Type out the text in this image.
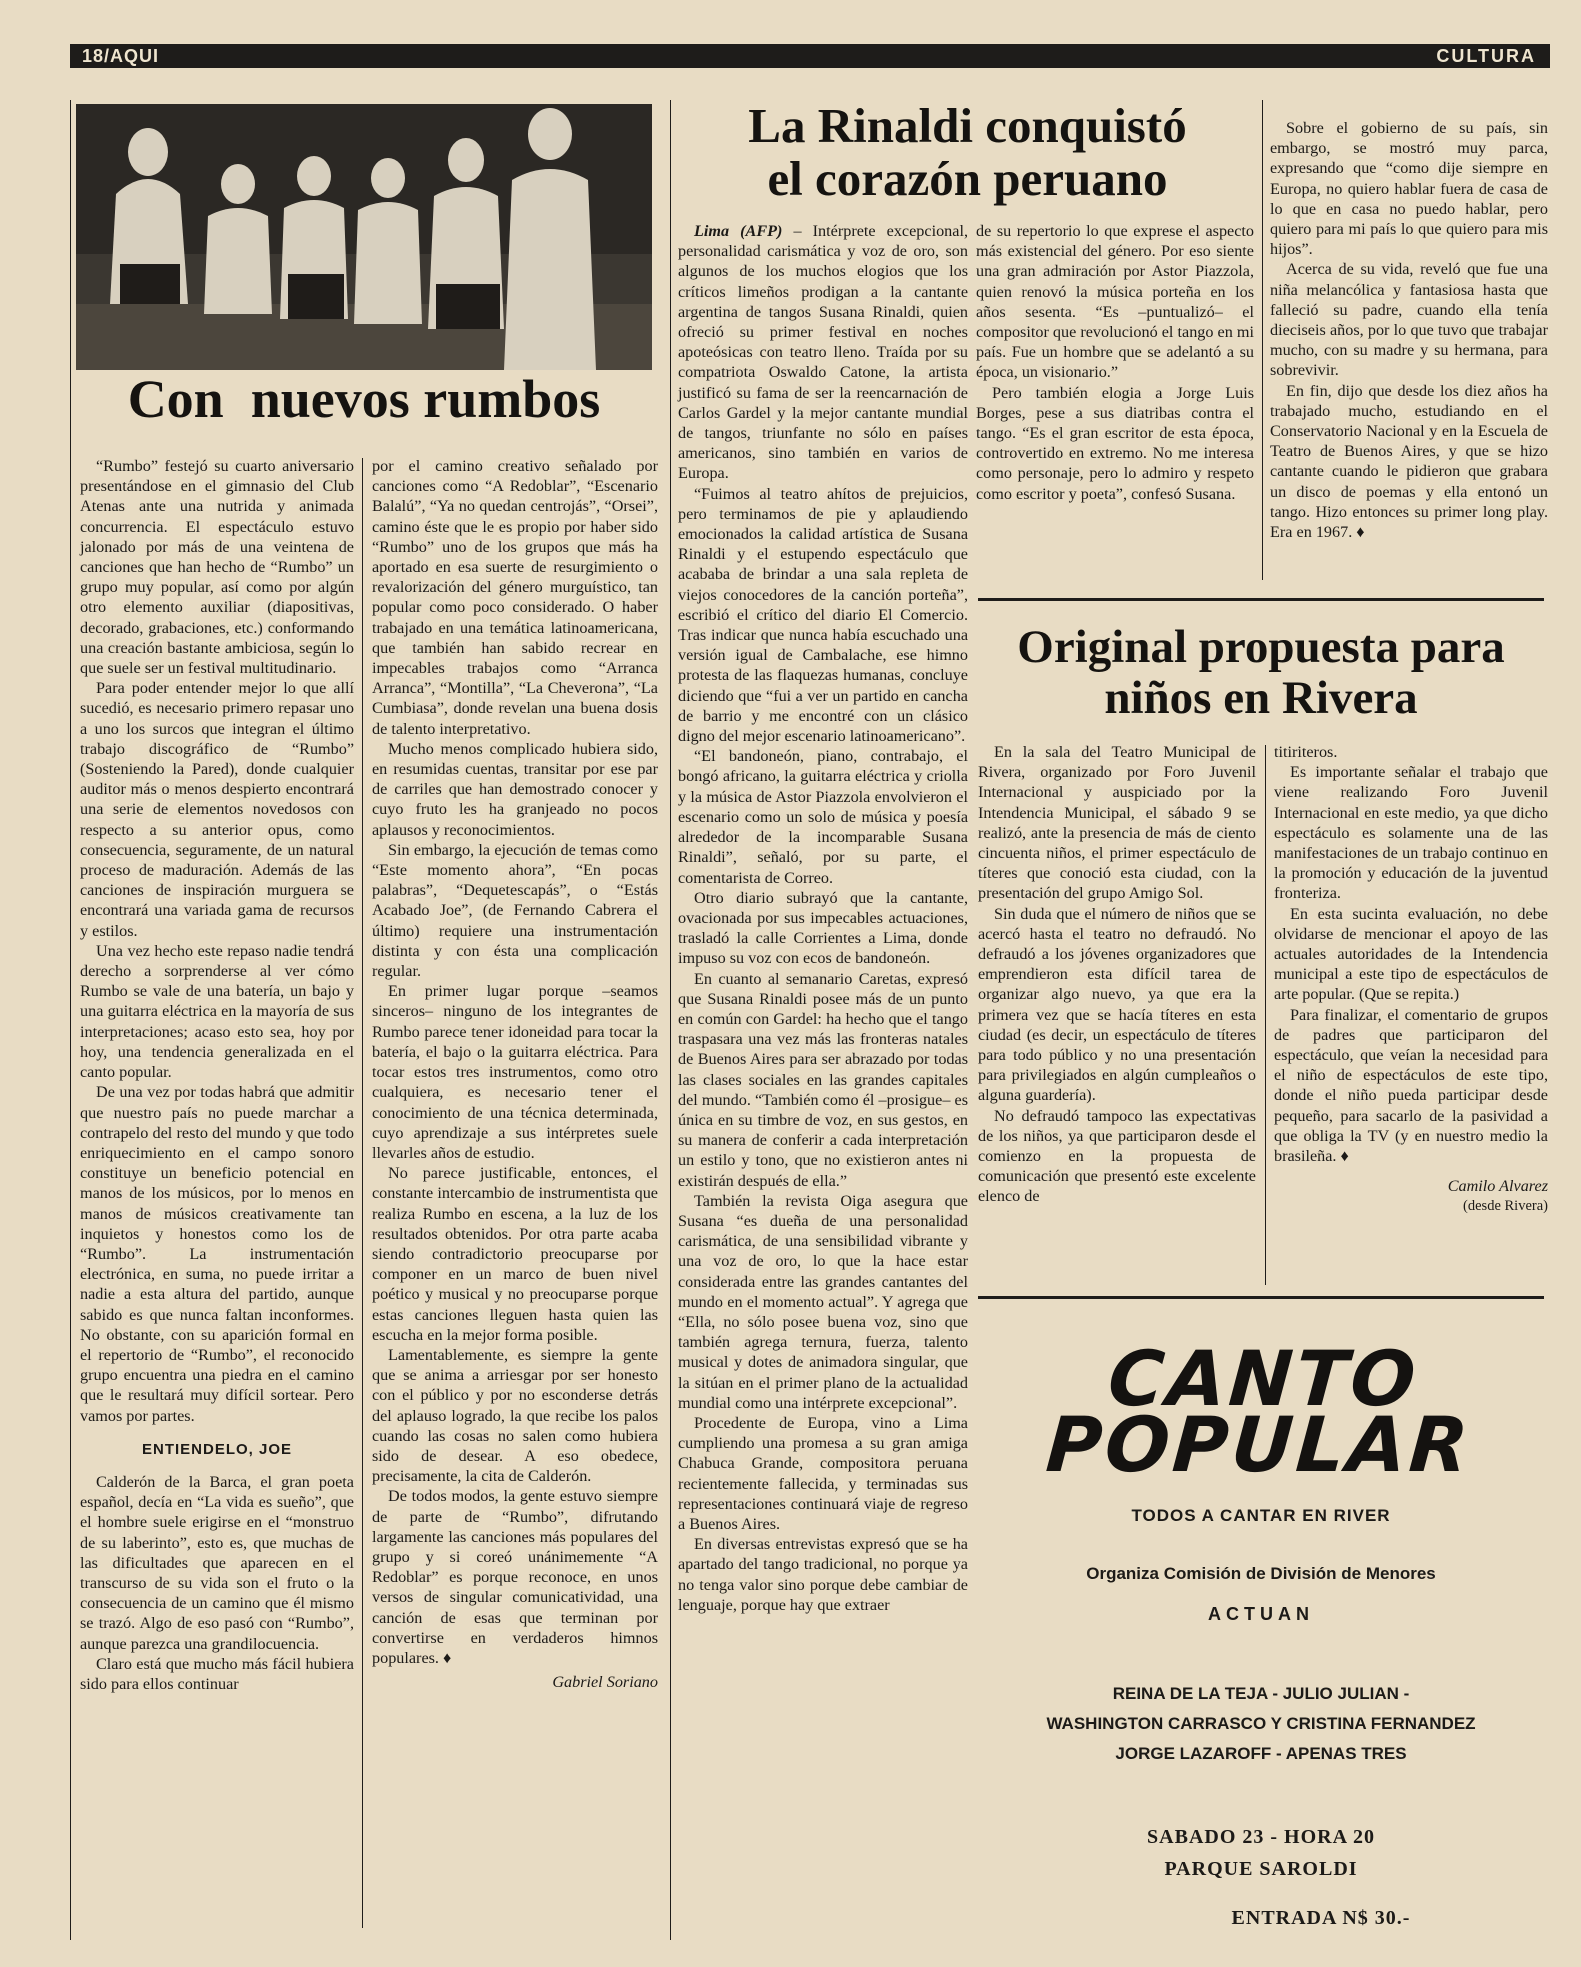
18/AQUI	CULTURA
Con  nuevos rumbos

“Rumbo” festejó su cuarto aniversario presentándose en el gimnasio del Club Atenas ante una nutrida y animada concurrencia. El espectáculo estuvo jalonado por más de una veintena de canciones que han hecho de “Rumbo” un grupo muy popular, así como por algún otro elemento auxiliar (diapositivas, decorado, grabaciones, etc.) conformando una creación bastante ambiciosa, según lo que suele ser un festival multitudinario.

Para poder entender mejor lo que allí sucedió, es necesario primero repasar uno a uno los surcos que integran el último trabajo discográfico de “Rumbo” (Sosteniendo la Pared), donde cualquier auditor más o menos despierto encontrará una serie de elementos novedosos con respecto a su anterior opus, como consecuencia, seguramente, de un natural proceso de maduración. Además de las canciones de inspiración murguera se encontrará una variada gama de recursos y estilos.

Una vez hecho este repaso nadie tendrá derecho a sorprenderse al ver cómo Rumbo se vale de una batería, un bajo y una guitarra eléctrica en la mayoría de sus interpretaciones; acaso esto sea, hoy por hoy, una tendencia generalizada en el canto popular.

De una vez por todas habrá que admitir que nuestro país no puede marchar a contrapelo del resto del mundo y que todo enriquecimiento en el campo sonoro constituye un beneficio potencial en manos de los músicos, por lo menos en manos de músicos creativamente tan inquietos y honestos como los de “Rumbo”. La instrumentación electrónica, en suma, no puede irritar a nadie a esta altura del partido, aunque sabido es que nunca faltan inconformes. No obstante, con su aparición formal en el repertorio de “Rumbo”, el reconocido grupo encuentra una piedra en el camino que le resultará muy difícil sortear. Pero vamos por partes.

ENTIENDELO, JOE

Calderón de la Barca, el gran poeta español, decía en “La vida es sueño”, que el hombre suele erigirse en el “monstruo de su laberinto”, esto es, que muchas de las dificultades que aparecen en el transcurso de su vida son el fruto o la consecuencia de un camino que él mismo se trazó. Algo de eso pasó con “Rumbo”, aunque parezca una grandilocuencia.

Claro está que mucho más fácil hubiera sido para ellos continuar

por el camino creativo señalado por canciones como “A Redoblar”, “Escenario Balalú”, “Ya no quedan centrojás”, “Orsei”, camino éste que le es propio por haber sido “Rumbo” uno de los grupos que más ha aportado en esa suerte de resurgimiento o revalorización del género murguístico, tan popular como poco considerado. O haber trabajado en una temática latinoamericana, que también han sabido recrear en impecables trabajos como “Arranca Arranca”, “Montilla”, “La Cheverona”, “La Cumbiasa”, donde revelan una buena dosis de talento interpretativo.

Mucho menos complicado hubiera sido, en resumidas cuentas, transitar por ese par de carriles que han demostrado conocer y cuyo fruto les ha granjeado no pocos aplausos y reconocimientos.

Sin embargo, la ejecución de temas como “Este momento ahora”, “En pocas palabras”, “Dequetescapás”, o “Estás Acabado Joe”, (de Fernando Cabrera el último) requiere una instrumentación distinta y con ésta una complicación regular.

En primer lugar porque –seamos sinceros– ninguno de los integrantes de Rumbo parece tener idoneidad para tocar la batería, el bajo o la guitarra eléctrica. Para tocar estos tres instrumentos, como otro cualquiera, es necesario tener el conocimiento de una técnica determinada, cuyo aprendizaje a sus intérpretes suele llevarles años de estudio.

No parece justificable, entonces, el constante intercambio de instrumentista que realiza Rumbo en escena, a la luz de los resultados obtenidos. Por otra parte acaba siendo contradictorio preocuparse por componer en un marco de buen nivel poético y musical y no preocuparse porque estas canciones lleguen hasta quien las escucha en la mejor forma posible.

Lamentablemente, es siempre la gente que se anima a arriesgar por ser honesto con el público y por no esconderse detrás del aplauso logrado, la que recibe los palos cuando las cosas no salen como hubiera sido de desear. A eso obedece, precisamente, la cita de Calderón.

De todos modos, la gente estuvo siempre de parte de “Rumbo”, difrutando largamente las canciones más populares del grupo y si coreó unánimemente “A Redoblar” es porque reconoce, en unos versos de singular comunicatividad, una canción de esas que terminan por convertirse en verdaderos himnos populares. ♦

Gabriel Soriano

La Rinaldi conquistó
el corazón peruano

Lima (AFP) – Intérprete excepcional, personalidad carismática y voz de oro, son algunos de los muchos elogios que los críticos limeños prodigan a la cantante argentina de tangos Susana Rinaldi, quien ofreció su primer festival en noches apoteósicas con teatro lleno. Traída por su compatriota Oswaldo Catone, la artista justificó su fama de ser la reencarnación de Carlos Gardel y la mejor cantante mundial de tangos, triunfante no sólo en países americanos, sino también en varios de Europa.

“Fuimos al teatro ahítos de prejuicios, pero terminamos de pie y aplaudiendo emocionados la calidad artística de Susana Rinaldi y el estupendo espectáculo que acababa de brindar a una sala repleta de viejos conocedores de la canción porteña”, escribió el crítico del diario El Comercio. Tras indicar que nunca había escuchado una versión igual de Cambalache, ese himno protesta de las flaquezas humanas, concluye diciendo que “fui a ver un partido en cancha de barrio y me encontré con un clásico digno del mejor escenario latinoamericano”.

“El bandoneón, piano, contrabajo, el bongó africano, la guitarra eléctrica y criolla y la música de Astor Piazzola envolvieron el escenario como un solo de música y poesía alrededor de la incomparable Susana Rinaldi”, señaló, por su parte, el comentarista de Correo.

Otro diario subrayó que la cantante, ovacionada por sus impecables actuaciones, trasladó la calle Corrientes a Lima, donde impuso su voz con ecos de bandoneón.

En cuanto al semanario Caretas, expresó que Susana Rinaldi posee más de un punto en común con Gardel: ha hecho que el tango traspasara una vez más las fronteras natales de Buenos Aires para ser abrazado por todas las clases sociales en las grandes capitales del mundo. “También como él –prosigue– es única en su timbre de voz, en sus gestos, en su manera de conferir a cada interpretación un estilo y tono, que no existieron antes ni existirán después de ella.”

También la revista Oiga asegura que Susana “es dueña de una personalidad carismática, de una sensibilidad vibrante y una voz de oro, lo que la hace estar considerada entre las grandes cantantes del mundo en el momento actual”. Y agrega que “Ella, no sólo posee buena voz, sino que también agrega ternura, fuerza, talento musical y dotes de animadora singular, que la sitúan en el primer plano de la actualidad mundial como una intérprete excepcional”.

Procedente de Europa, vino a Lima cumpliendo una promesa a su gran amiga Chabuca Grande, compositora peruana recientemente fallecida, y terminadas sus representaciones continuará viaje de regreso a Buenos Aires.

En diversas entrevistas expresó que se ha apartado del tango tradicional, no porque ya no tenga valor sino porque debe cambiar de lenguaje, porque hay que extraer

de su repertorio lo que exprese el aspecto más existencial del género. Por eso siente una gran admiración por Astor Piazzola, quien renovó la música porteña en los años sesenta. “Es –puntualizó– el compositor que revolucionó el tango en mi país. Fue un hombre que se adelantó a su época, un visionario.”

Pero también elogia a Jorge Luis Borges, pese a sus diatribas contra el tango. “Es el gran escritor de esta época, controvertido en extremo. No me interesa como personaje, pero lo admiro y respeto como escritor y poeta”, confesó Susana.

Sobre el gobierno de su país, sin embargo, se mostró muy parca, expresando que “como dije siempre en Europa, no quiero hablar fuera de casa de lo que en casa no puedo hablar, pero quiero para mi país lo que quiero para mis hijos”.

Acerca de su vida, reveló que fue una niña melancólica y fantasiosa hasta que falleció su padre, cuando ella tenía dieciseis años, por lo que tuvo que trabajar mucho, con su madre y su hermana, para sobrevivir.

En fin, dijo que desde los diez años ha trabajado mucho, estudiando en el Conservatorio Nacional y en la Escuela de Teatro de Buenos Aires, y que se hizo cantante cuando le pidieron que grabara un disco de poemas y ella entonó un tango. Hizo entonces su primer long play. Era en 1967. ♦

Original propuesta para
niños en Rivera

En la sala del Teatro Municipal de Rivera, organizado por Foro Juvenil Internacional y auspiciado por la Intendencia Municipal, el sábado 9 se realizó, ante la presencia de más de ciento cincuenta niños, el primer espectáculo de títeres que conoció esta ciudad, con la presentación del grupo Amigo Sol.

Sin duda que el número de niños que se acercó hasta el teatro no defraudó. No defraudó a los jóvenes organizadores que emprendieron esta difícil tarea de organizar algo nuevo, ya que era la primera vez que se hacía títeres en esta ciudad (es decir, un espectáculo de títeres para todo público y no una presentación para privilegiados en algún cumpleaños o alguna guardería).

No defraudó tampoco las expectativas de los niños, ya que participaron desde el comienzo en la propuesta de comunicación que presentó este excelente elenco de

titiriteros.

Es importante señalar el trabajo que viene realizando Foro Juvenil Internacional en este medio, ya que dicho espectáculo es solamente una de las manifestaciones de un trabajo continuo en la promoción y educación de la juventud fronteriza.

En esta sucinta evaluación, no debe olvidarse de mencionar el apoyo de las actuales autoridades de la Intendencia municipal a este tipo de espectáculos de arte popular. (Que se repita.)

Para finalizar, el comentario de grupos de padres que participaron del espectáculo, que veían la necesidad para el niño de espectáculos de este tipo, donde el niño pueda participar desde pequeño, para sacarlo de la pasividad a que obliga la TV (y en nuestro medio la brasileña. ♦

Camilo Alvarez

(desde Rivera)

CANTO
POPULAR
TODOS A CANTAR EN RIVER
Organiza Comisión de División de Menores
ACTUAN
REINA DE LA TEJA - JULIO JULIAN -
WASHINGTON CARRASCO Y CRISTINA FERNANDEZ
JORGE LAZAROFF - APENAS TRES
SABADO 23 - HORA 20
PARQUE SAROLDI
ENTRADA N$ 30.-
